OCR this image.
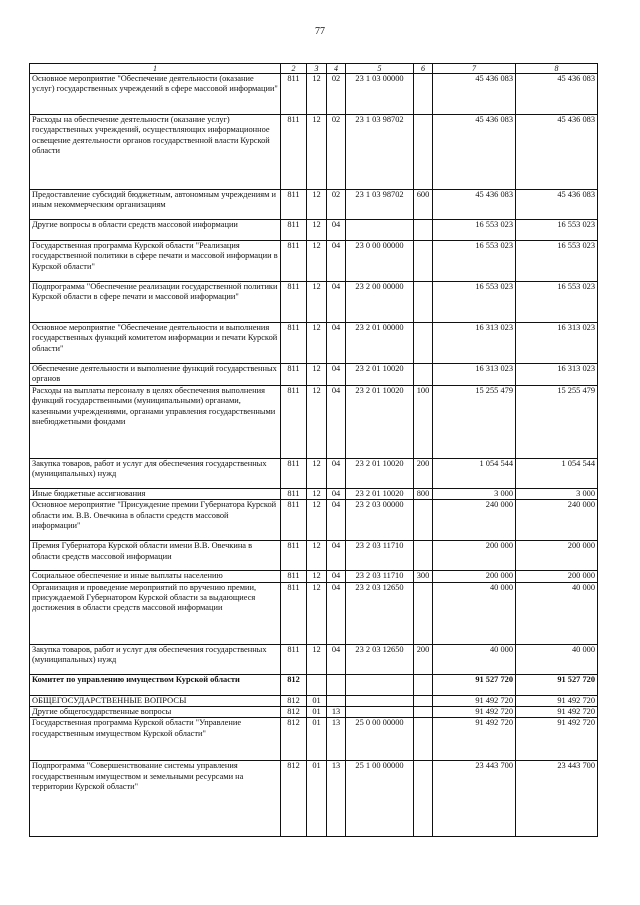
77
1	2	3	4	5	6	7	8
Основное мероприятие "Обеспечение деятельности (оказание услуг) государственных учреждений в сфере массовой информации"	811	12	02	23 1 03 00000		45 436 083	45 436 083
Расходы на обеспечение деятельности (оказание услуг) государственных учреждений, осуществляющих информационное освещение деятельности органов государственной власти Курской области	811	12	02	23 1 03 98702		45 436 083	45 436 083
Предоставление субсидий бюджетным, автономным учреждениям и иным некоммерческим организациям	811	12	02	23 1 03 98702	600	45 436 083	45 436 083
Другие вопросы в области средств массовой информации	811	12	04			16 553 023	16 553 023
Государственная программа Курской области "Реализация государственной политики в сфере печати и массовой информации в Курской области"	811	12	04	23 0 00 00000		16 553 023	16 553 023
Подпрограмма "Обеспечение реализации государственной политики Курской области в сфере печати и массовой информации"	811	12	04	23 2 00 00000		16 553 023	16 553 023
Основное мероприятие "Обеспечение деятельности и выполнения государственных функций комитетом информации и печати Курской области"	811	12	04	23 2 01 00000		16 313 023	16 313 023
Обеспечение деятельности и выполнение функций государственных органов	811	12	04	23 2 01 10020		16 313 023	16 313 023
Расходы на выплаты персоналу в целях обеспечения выполнения функций государственными (муниципальными) органами, казенными учреждениями, органами управления государственными внебюджетными фондами	811	12	04	23 2 01 10020	100	15 255 479	15 255 479
Закупка товаров, работ и услуг для обеспечения государственных (муниципальных) нужд	811	12	04	23 2 01 10020	200	1 054 544	1 054 544
Иные бюджетные ассигнования	811	12	04	23 2 01 10020	800	3 000	3 000
Основное мероприятие "Присуждение премии Губернатора Курской области им. В.В. Овечкина в области средств массовой информации"	811	12	04	23 2 03 00000		240 000	240 000
Премия Губернатора Курской области имени В.В. Овечкина в области средств массовой информации	811	12	04	23 2 03 11710		200 000	200 000
Социальное обеспечение и иные выплаты населению	811	12	04	23 2 03 11710	300	200 000	200 000
Организация и проведение мероприятий по вручению премии, присуждаемой Губернатором Курской области за выдающиеся достижения в области средств массовой информации	811	12	04	23 2 03 12650		40 000	40 000
Закупка товаров, работ и услуг для обеспечения государственных (муниципальных) нужд	811	12	04	23 2 03 12650	200	40 000	40 000
Комитет по управлению имуществом Курской области	812					91 527 720	91 527 720
ОБЩЕГОСУДАРСТВЕННЫЕ ВОПРОСЫ	812	01				91 492 720	91 492 720
Другие общегосударственные вопросы	812	01	13			91 492 720	91 492 720
Государственная программа Курской области "Управление государственным имуществом Курской области"	812	01	13	25 0 00 00000		91 492 720	91 492 720
Подпрограмма "Совершенствование системы управления государственным имуществом и земельными ресурсами на территории Курской области"	812	01	13	25 1 00 00000		23 443 700	23 443 700
